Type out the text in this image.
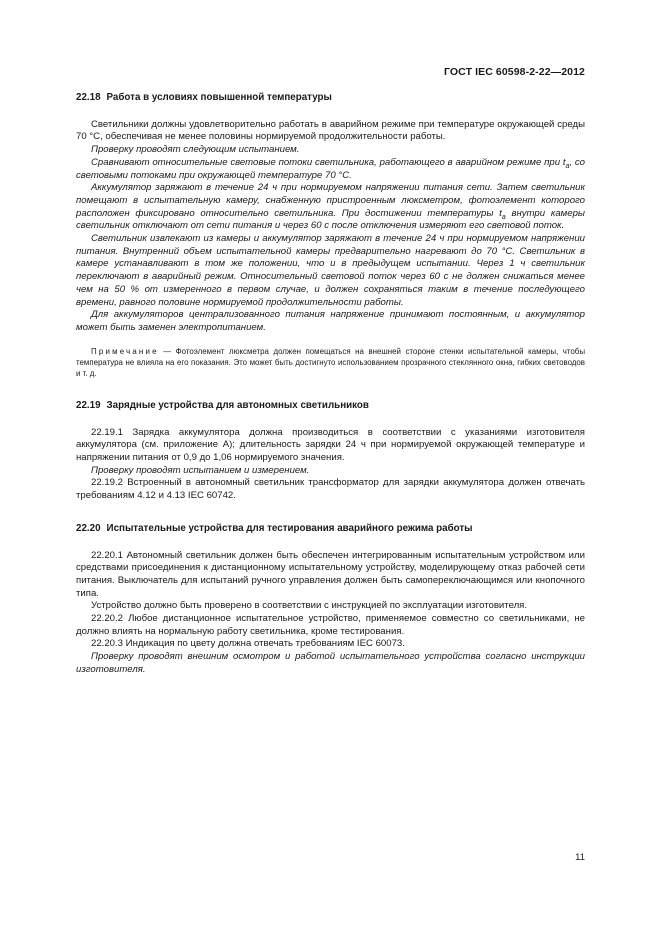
ГОСТ IEC 60598-2-22—2012
22.18 Работа в условиях повышенной температуры

Светильники должны удовлетворительно работать в аварийном режиме при температуре окружающей среды 70 °С, обеспечивая не менее половины нормируемой продолжительности работы.

Проверку проводят следующим испытанием.

Сравнивают относительные световые потоки светильника, работающего в аварийном режиме при $t_a$, со световыми потоками при окружающей температуре 70 °С.

Аккумулятор заряжают в течение 24 ч при нормируемом напряжении питания сети. Затем светильник помещают в испытательную камеру, снабженную пристроенным люксметром, фотоэлемент которого расположен фиксировано относительно светильника. При достижении температуры $t_a$ внутри камеры светильник отключают от сети питания и через 60 с после отключения измеряют его световой поток.

Светильник извлекают из камеры и аккумулятор заряжают в течение 24 ч при нормируемом напряжении питания. Внутренний объем испытательной камеры предварительно нагревают до 70 °С. Светильник в камере устанавливают в том же положении, что и в предыдущем испытании. Через 1 ч светильник переключают в аварийный режим. Относительный световой поток через 60 с не должен снижаться менее чем на 50 % от измеренного в первом случае, и должен сохраняться таким в течение последующего времени, равного половине нормируемой продолжительности работы.

Для аккумуляторов централизованного питания напряжение принимают постоянным, и аккумулятор может быть заменен электропитанием.

Примечание — Фотоэлемент люксметра должен помещаться на внешней стороне стенки испытательной камеры, чтобы температура не влияла на его показания. Это может быть достигнуто использованием прозрачного стеклянного окна, гибких световодов и т. д.
22.19 Зарядные устройства для автономных светильников

22.19.1 Зарядка аккумулятора должна производиться в соответствии с указаниями изготовителя аккумулятора (см. приложение А); длительность зарядки 24 ч при нормируемой окружающей температуре и напряжении питания от 0,9 до 1,06 нормируемого значения.

Проверку проводят испытанием и измерением.

22.19.2 Встроенный в автономный светильник трансформатор для зарядки аккумулятора должен отвечать требованиям 4.12 и 4.13 IEC 60742.

22.20 Испытательные устройства для тестирования аварийного режима работы

22.20.1 Автономный светильник должен быть обеспечен интегрированным испытательным устройством или средствами присоединения к дистанционному испытательному устройству, моделирующему отказ рабочей сети питания. Выключатель для испытаний ручного управления должен быть самопереключающимся или кнопочного типа.

Устройство должно быть проверено в соответствии с инструкцией по эксплуатации изготовителя.

22.20.2 Любое дистанционное испытательное устройство, применяемое совместно со светильниками, не должно влиять на нормальную работу светильника, кроме тестирования.

22.20.3 Индикация по цвету должна отвечать требованиям IEC 60073.

Проверку проводят внешним осмотром и работой испытательного устройства согласно инструкции изготовителя.

11
